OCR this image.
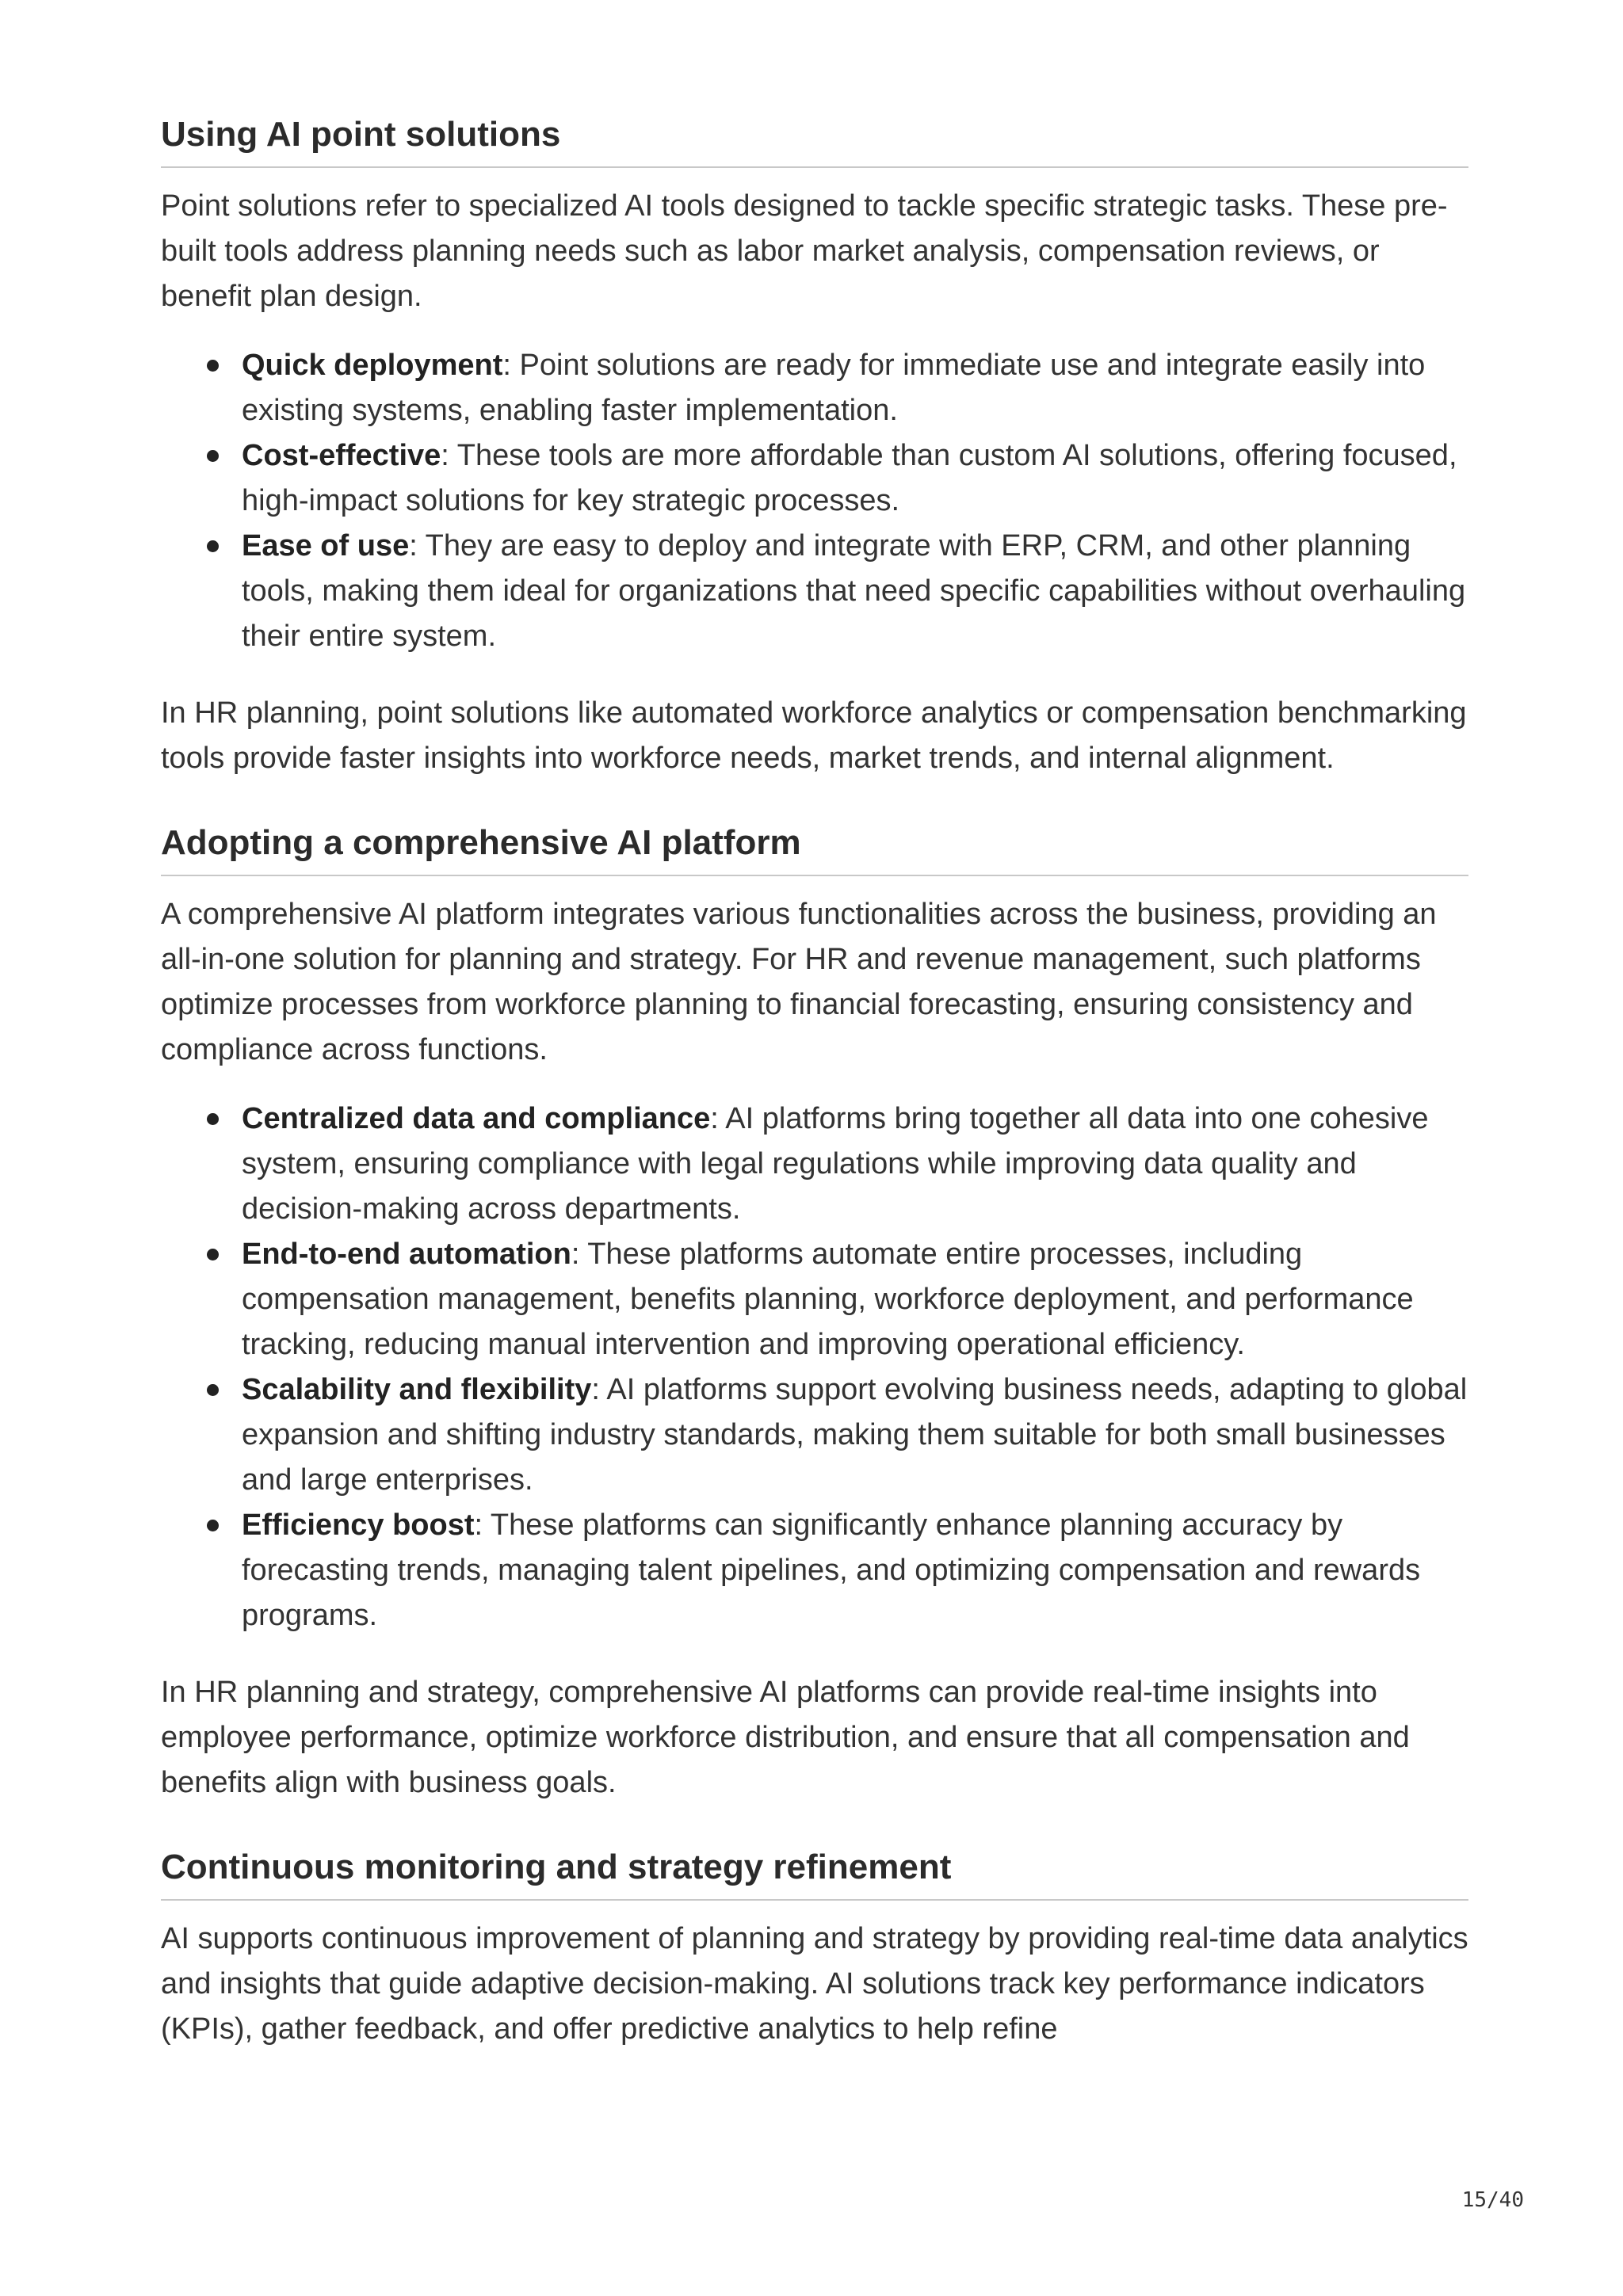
Using AI point solutions

Point solutions refer to specialized AI tools designed to tackle specific strategic tasks. These pre-built tools address planning needs such as labor market analysis, compensation reviews, or benefit plan design.

Quick deployment: Point solutions are ready for immediate use and integrate easily into existing systems, enabling faster implementation.
Cost-effective: These tools are more affordable than custom AI solutions, offering focused, high-impact solutions for key strategic processes.
Ease of use: They are easy to deploy and integrate with ERP, CRM, and other planning tools, making them ideal for organizations that need specific capabilities without overhauling their entire system.

In HR planning, point solutions like automated workforce analytics or compensation benchmarking tools provide faster insights into workforce needs, market trends, and internal alignment.

Adopting a comprehensive AI platform

A comprehensive AI platform integrates various functionalities across the business, providing an all-in-one solution for planning and strategy. For HR and revenue management, such platforms optimize processes from workforce planning to financial forecasting, ensuring consistency and compliance across functions.

Centralized data and compliance: AI platforms bring together all data into one cohesive system, ensuring compliance with legal regulations while improving data quality and decision-making across departments.
End-to-end automation: These platforms automate entire processes, including compensation management, benefits planning, workforce deployment, and performance tracking, reducing manual intervention and improving operational efficiency.
Scalability and flexibility: AI platforms support evolving business needs, adapting to global expansion and shifting industry standards, making them suitable for both small businesses and large enterprises.
Efficiency boost: These platforms can significantly enhance planning accuracy by forecasting trends, managing talent pipelines, and optimizing compensation and rewards programs.

In HR planning and strategy, comprehensive AI platforms can provide real-time insights into employee performance, optimize workforce distribution, and ensure that all compensation and benefits align with business goals.

Continuous monitoring and strategy refinement

AI supports continuous improvement of planning and strategy by providing real-time data analytics and insights that guide adaptive decision-making. AI solutions track key performance indicators (KPIs), gather feedback, and offer predictive analytics to help refine

15/40
